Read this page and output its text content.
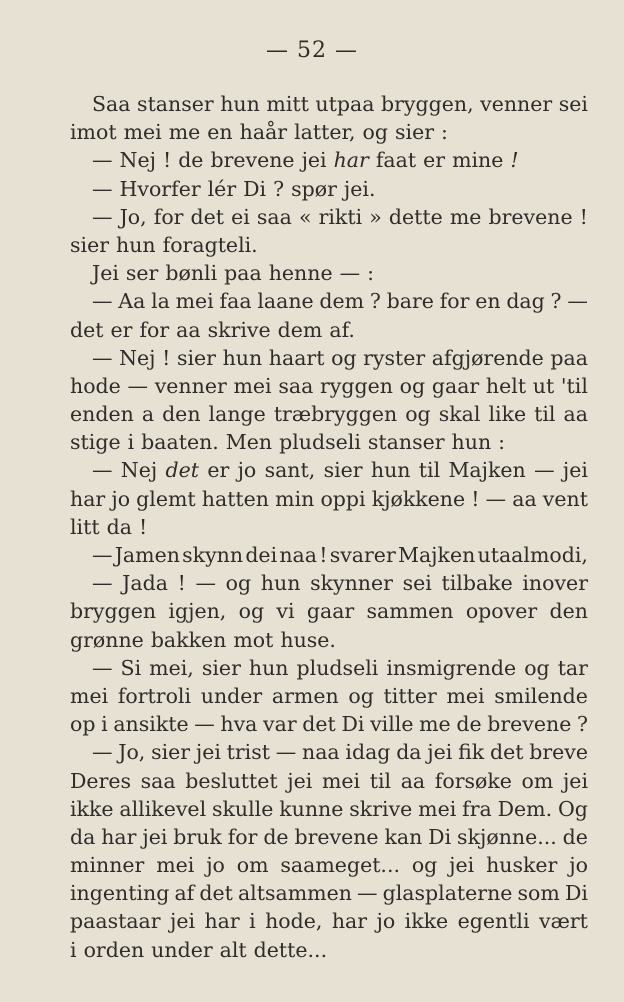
— 52 —
Saa stanser hun mitt utpaa bryggen, venner sei
imot mei me en haår latter, og sier :
— Nej ! de brevene jei har faat er mine !
— Hvorfer lér Di ? spør jei.
— Jo, for det ei saa « rikti » dette me brevene !
sier hun foragteli.
Jei ser bønli paa henne — :
— Aa la mei faa laane dem ? bare for en dag ? —
det er for aa skrive dem af.
— Nej ! sier hun haart og ryster afgjørende paa
hode — venner mei saa ryggen og gaar helt ut 'til
enden a den lange træbryggen og skal like til aa
stige i baaten. Men pludseli stanser hun :
— Nej det er jo sant, sier hun til Majken — jei
har jo glemt hatten min oppi kjøkkene ! — aa vent
litt da !
— Jamen skynn dei naa ! svarer Majken utaalmodi,
— Jada ! — og hun skynner sei tilbake inover
bryggen igjen, og vi gaar sammen opover den
grønne bakken mot huse.
— Si mei, sier hun pludseli insmigrende og tar
mei fortroli under armen og titter mei smilende
op i ansikte — hva var det Di ville me de brevene ?
— Jo, sier jei trist — naa idag da jei fik det breve
Deres saa besluttet jei mei til aa forsøke om jei
ikke allikevel skulle kunne skrive mei fra Dem. Og
da har jei bruk for de brevene kan Di skjønne... de
minner mei jo om saameget... og jei husker jo
ingenting af det altsammen — glasplaterne som Di
paastaar jei har i hode, har jo ikke egentli vært
i orden under alt dette...
